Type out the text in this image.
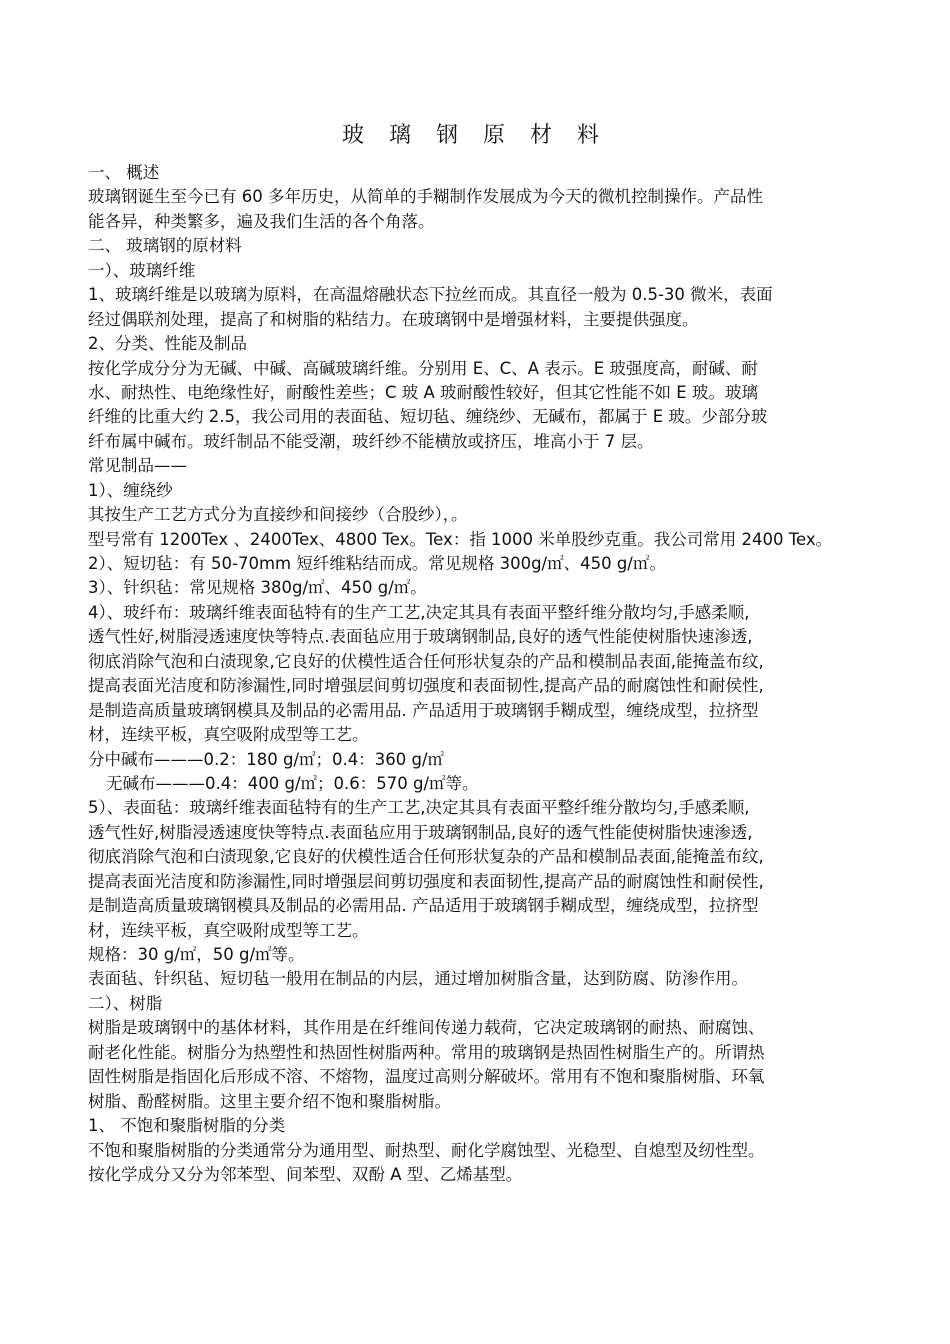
玻 璃 钢 原 材 料
一、 概述
玻璃钢诞生至今已有 60 多年历史，从简单的手糊制作发展成为今天的微机控制操作。产品性
能各异，种类繁多，遍及我们生活的各个角落。
二、 玻璃钢的原材料
一）、玻璃纤维
1、玻璃纤维是以玻璃为原料，在高温熔融状态下拉丝而成。其直径一般为 0.5-30 微米，表面
经过偶联剂处理，提高了和树脂的粘结力。在玻璃钢中是增强材料，主要提供强度。
2、分类、性能及制品
按化学成分分为无碱、中碱、高碱玻璃纤维。分别用 E、C、A 表示。E 玻强度高，耐碱、耐
水、耐热性、电绝缘性好，耐酸性差些；C 玻 A 玻耐酸性较好，但其它性能不如 E 玻。玻璃
纤维的比重大约 2.5，我公司用的表面毡、短切毡、缠绕纱、无碱布，都属于 E 玻。少部分玻
纤布属中碱布。玻纤制品不能受潮，玻纤纱不能横放或挤压，堆高小于 7 层。
常见制品——
1）、缠绕纱
其按生产工艺方式分为直接纱和间接纱（合股纱），。
型号常有 1200Tex 、2400Tex、4800 Tex。Tex：指 1000 米单股纱克重。我公司常用 2400 Tex。
2）、短切毡：有 50-70mm 短纤维粘结而成。常见规格 300g/㎡、450 g/㎡。
3）、针织毡：常见规格 380g/㎡、450 g/㎡。
4）、玻纤布：玻璃纤维表面毡特有的生产工艺,决定其具有表面平整纤维分散均匀,手感柔顺,
透气性好,树脂浸透速度快等特点.表面毡应用于玻璃钢制品,良好的透气性能使树脂快速渗透,
彻底消除气泡和白渍现象,它良好的伏模性适合任何形状复杂的产品和模制品表面,能掩盖布纹,
提高表面光洁度和防渗漏性,同时增强层间剪切强度和表面韧性,提高产品的耐腐蚀性和耐侯性,
是制造高质量玻璃钢模具及制品的必需用品. 产品适用于玻璃钢手糊成型，缠绕成型，拉挤型
材，连续平板，真空吸附成型等工艺。
分中碱布———0.2：180 g/㎡；0.4：360 g/㎡
无碱布———0.4：400 g/㎡；0.6：570 g/㎡等。
5）、表面毡：玻璃纤维表面毡特有的生产工艺,决定其具有表面平整纤维分散均匀,手感柔顺,
透气性好,树脂浸透速度快等特点.表面毡应用于玻璃钢制品,良好的透气性能使树脂快速渗透,
彻底消除气泡和白渍现象,它良好的伏模性适合任何形状复杂的产品和模制品表面,能掩盖布纹,
提高表面光洁度和防渗漏性,同时增强层间剪切强度和表面韧性,提高产品的耐腐蚀性和耐侯性,
是制造高质量玻璃钢模具及制品的必需用品. 产品适用于玻璃钢手糊成型，缠绕成型，拉挤型
材，连续平板，真空吸附成型等工艺。
规格：30 g/㎡，50 g/㎡等。
表面毡、针织毡、短切毡一般用在制品的内层，通过增加树脂含量，达到防腐、防渗作用。
二）、树脂
树脂是玻璃钢中的基体材料，其作用是在纤维间传递力载荷，它决定玻璃钢的耐热、耐腐蚀、
耐老化性能。树脂分为热塑性和热固性树脂两种。常用的玻璃钢是热固性树脂生产的。所谓热
固性树脂是指固化后形成不溶、不熔物，温度过高则分解破坏。常用有不饱和聚脂树脂、环氧
树脂、酚醛树脂。这里主要介绍不饱和聚脂树脂。
1、 不饱和聚脂树脂的分类
不饱和聚脂树脂的分类通常分为通用型、耐热型、耐化学腐蚀型、光稳型、自熄型及纫性型。
按化学成分又分为邻苯型、间苯型、双酚 A 型、乙烯基型。
